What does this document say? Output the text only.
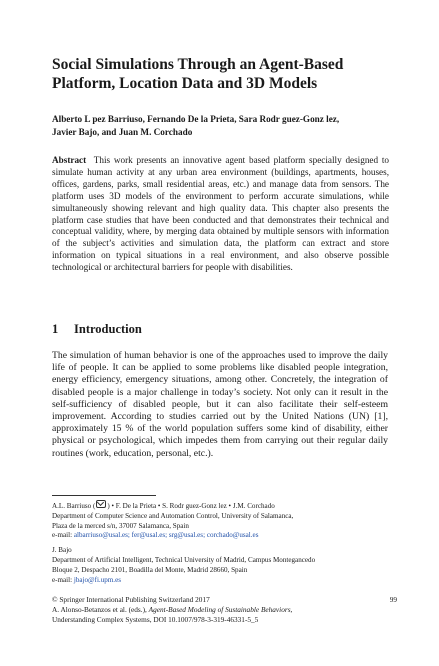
Social Simulations Through an Agent-Based
Platform, Location Data and 3D Models

Alberto L pez Barriuso, Fernando De la Prieta, Sara Rodr guez-Gonz lez,
Javier Bajo, and Juan M. Corchado

Abstract This work presents an innovative agent based platform specially designed to simulate human activity at any urban area environment (buildings, apartments, houses, offices, gardens, parks, small residential areas, etc.) and manage data from sensors. The platform uses 3D models of the environment to perform accurate simulations, while simultaneously showing relevant and high quality data. This chapter also presents the platform case studies that have been conducted and that demonstrates their technical and conceptual validity, where, by merging data obtained by multiple sensors with information of the subject’s activities and simulation data, the platform can extract and store information on typical situations in a real environment, and also observe possible technological or architectural barriers for people with disabilities.

1 Introduction

The simulation of human behavior is one of the approaches used to improve the daily life of people. It can be applied to some problems like disabled people integration, energy efficiency, emergency situations, among other. Concretely, the integration of disabled people is a major challenge in today’s society. Not only can it result in the self-sufficiency of disabled people, but it can also facilitate their self-esteem improvement. According to studies carried out by the United Nations (UN) [1], approximately 15 % of the world population suffers some kind of disability, either physical or psychological, which impedes them from carrying out their regular daily routines (work, education, personal, etc.).

A.L. Barriuso ( ) • F. De la Prieta • S. Rodr guez-Gonz lez • J.M. Corchado

Department of Computer Science and Automation Control, University of Salamanca,

Plaza de la merced s/n, 37007 Salamanca, Spain

e-mail: albarriuso@usal.es; fer@usal.es; srg@usal.es; corchado@usal.es

J. Bajo

Department of Artificial Intelligent, Technical University of Madrid, Campus Montegancedo

Bloque 2, Despacho 2101, Boadilla del Monte, Madrid 28660, Spain

e-mail: jbajo@fi.upm.es

© Springer International Publishing Switzerland 2017	99

A. Alonso-Betanzos et al. (eds.), Agent-Based Modeling of Sustainable Behaviors,

Understanding Complex Systems, DOI 10.1007/978-3-319-46331-5_5
